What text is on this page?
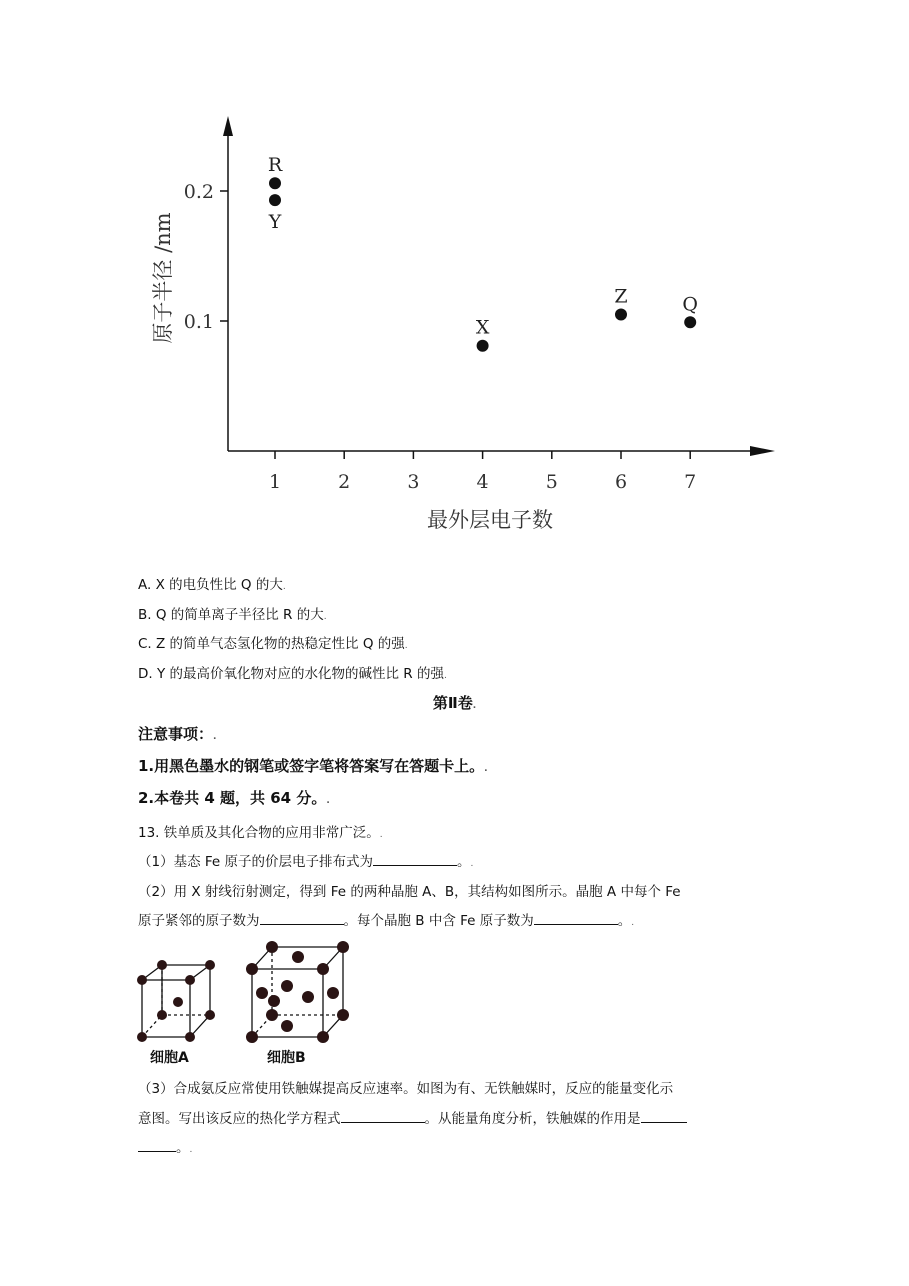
1	2	3	4	5	6	7
0.1
0.2
R
Y
X
Z	Q
最外层电子数
原子半径 /nm
A. X 的电负性比 Q 的大.
B. Q 的简单离子半径比 R 的大.
C. Z 的简单气态氢化物的热稳定性比 Q 的强.
D. Y 的最高价氧化物对应的水化物的碱性比 R 的强.
第Ⅱ卷.
注意事项：.
1.用黑色墨水的钢笔或签字笔将答案写在答题卡上。.
2.本卷共 4 题，共 64 分。.
13. 铁单质及其化合物的应用非常广泛。.
（1）基态 Fe 原子的价层电子排布式为	。.
（2）用 X 射线衍射测定，得到 Fe 的两种晶胞 A、B，其结构如图所示。晶胞 A 中每个 Fe
原子紧邻的原子数为	。每个晶胞 B 中含 Fe 原子数为	。.
细胞A	细胞B
（3）合成氨反应常使用铁触媒提高反应速率。如图为有、无铁触媒时，反应的能量变化示
意图。写出该反应的热化学方程式	。从能量角度分析，铁触媒的作用是
。.
